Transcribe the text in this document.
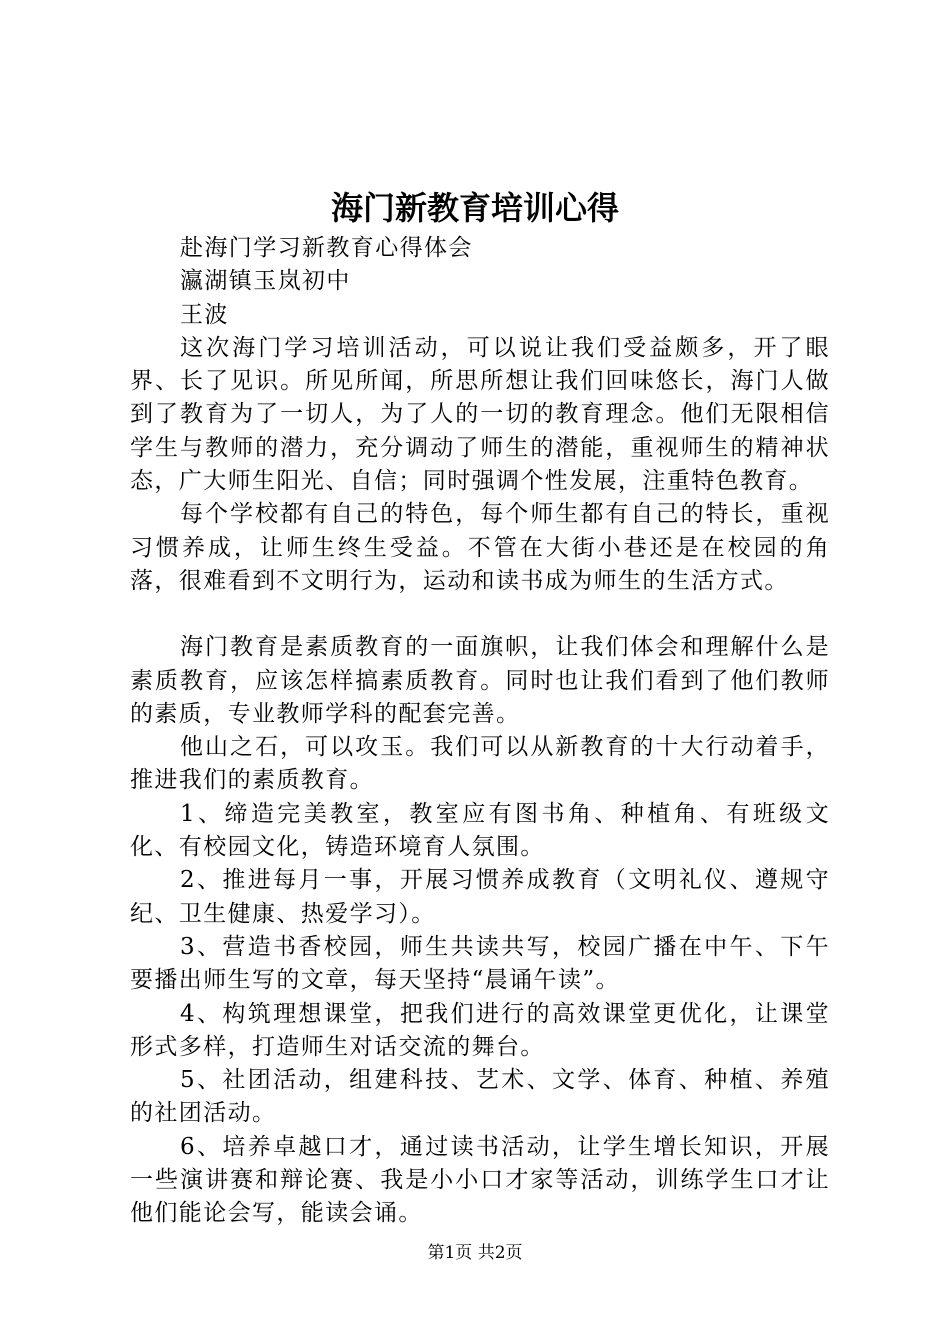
海门新教育培训心得

赴海门学习新教育心得体会

瀛湖镇玉岚初中

王波

这次海门学习培训活动，可以说让我们受益颇多，开了眼界、长了见识。所见所闻，所思所想让我们回味悠长，海门人做到了教育为了一切人，为了人的一切的教育理念。他们无限相信学生与教师的潜力，充分调动了师生的潜能，重视师生的精神状态，广大师生阳光、自信；同时强调个性发展，注重特色教育。

每个学校都有自己的特色，每个师生都有自己的特长，重视习惯养成，让师生终生受益。不管在大街小巷还是在校园的角落，很难看到不文明行为，运动和读书成为师生的生活方式。

海门教育是素质教育的一面旗帜，让我们体会和理解什么是素质教育，应该怎样搞素质教育。同时也让我们看到了他们教师的素质，专业教师学科的配套完善。

他山之石，可以攻玉。我们可以从新教育的十大行动着手，推进我们的素质教育。

1、缔造完美教室，教室应有图书角、种植角、有班级文化、有校园文化，铸造环境育人氛围。

2、推进每月一事，开展习惯养成教育（文明礼仪、遵规守纪、卫生健康、热爱学习）。

3、营造书香校园，师生共读共写，校园广播在中午、下午要播出师生写的文章，每天坚持“晨诵午读”。

4、构筑理想课堂，把我们进行的高效课堂更优化，让课堂形式多样，打造师生对话交流的舞台。

5、社团活动，组建科技、艺术、文学、体育、种植、养殖的社团活动。

6、培养卓越口才，通过读书活动，让学生增长知识，开展一些演讲赛和辩论赛、我是小小口才家等活动，训练学生口才让他们能论会写，能读会诵。

第1页 共2页
